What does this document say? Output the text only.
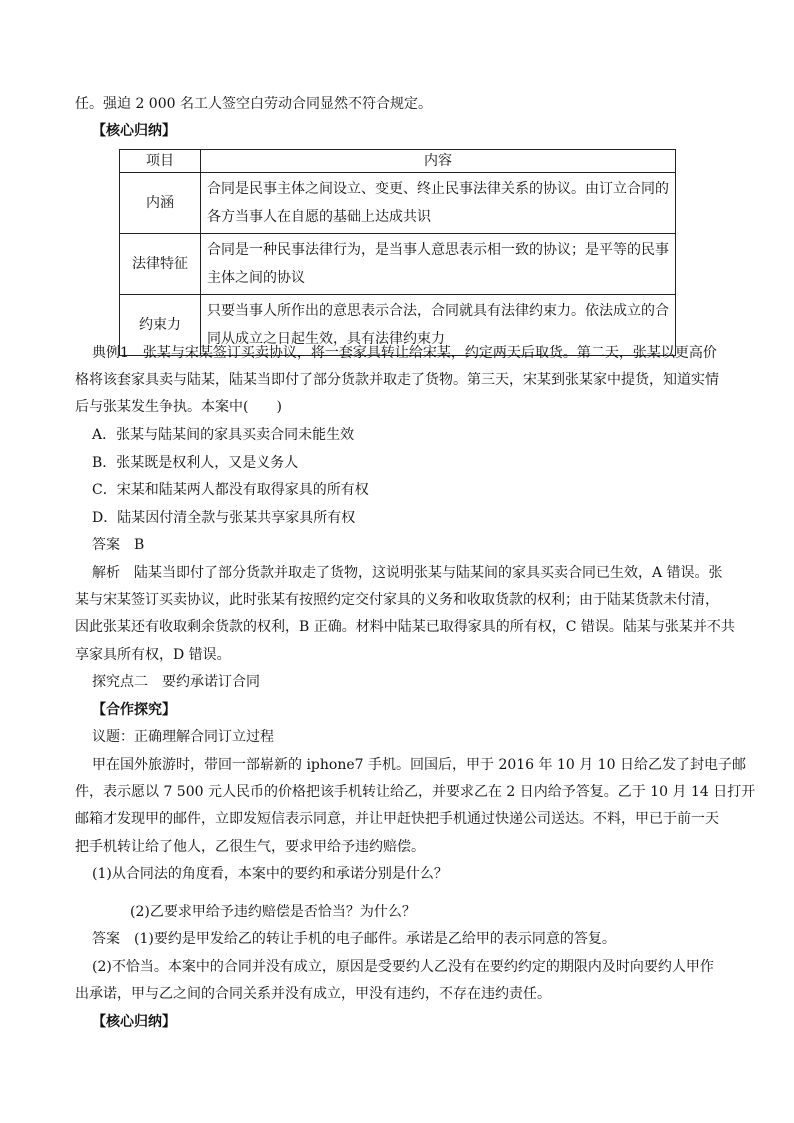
任。强迫 2 000 名工人签空白劳动合同显然不符合规定。
【核心归纳】
项目	内容
内涵	合同是民事主体之间设立、变更、终止民事法律关系的协议。由订立合同的
各方当事人在自愿的基础上达成共识
法律特征	合同是一种民事法律行为，是当事人意思表示相一致的协议；是平等的民事
主体之间的协议
约束力	只要当事人所作出的意思表示合法，合同就具有法律约束力。依法成立的合
同从成立之日起生效，具有法律约束力
典例1　张某与宋某签订买卖协议，将一套家具转让给宋某，约定两天后取货。第二天，张某以更高价
格将该套家具卖与陆某，陆某当即付了部分货款并取走了货物。第三天，宋某到张某家中提货，知道实情
后与张某发生争执。本案中(　　)
A．张某与陆某间的家具买卖合同未能生效
B．张某既是权利人，又是义务人
C．宋某和陆某两人都没有取得家具的所有权
D．陆某因付清全款与张某共享家具所有权
答案　B
解析　陆某当即付了部分货款并取走了货物，这说明张某与陆某间的家具买卖合同已生效，A 错误。张
某与宋某签订买卖协议，此时张某有按照约定交付家具的义务和收取货款的权利；由于陆某货款未付清，
因此张某还有收取剩余货款的权利，B 正确。材料中陆某已取得家具的所有权，C 错误。陆某与张某并不共
享家具所有权，D 错误。
探究点二　要约承诺订合同
【合作探究】
议题：正确理解合同订立过程
甲在国外旅游时，带回一部崭新的 iphone7 手机。回国后，甲于 2016 年 10 月 10 日给乙发了封电子邮
件，表示愿以 7 500 元人民币的价格把该手机转让给乙，并要求乙在 2 日内给予答复。乙于 10 月 14 日打开
邮箱才发现甲的邮件，立即发短信表示同意，并让甲赶快把手机通过快递公司送达。不料，甲已于前一天
把手机转让给了他人，乙很生气，要求甲给予违约赔偿。
(1)从合同法的角度看，本案中的要约和承诺分别是什么？
(2)乙要求甲给予违约赔偿是否恰当？为什么？
答案　(1)要约是甲发给乙的转让手机的电子邮件。承诺是乙给甲的表示同意的答复。
(2)不恰当。本案中的合同并没有成立，原因是受要约人乙没有在要约约定的期限内及时向要约人甲作
出承诺，甲与乙之间的合同关系并没有成立，甲没有违约，不存在违约责任。
【核心归纳】
